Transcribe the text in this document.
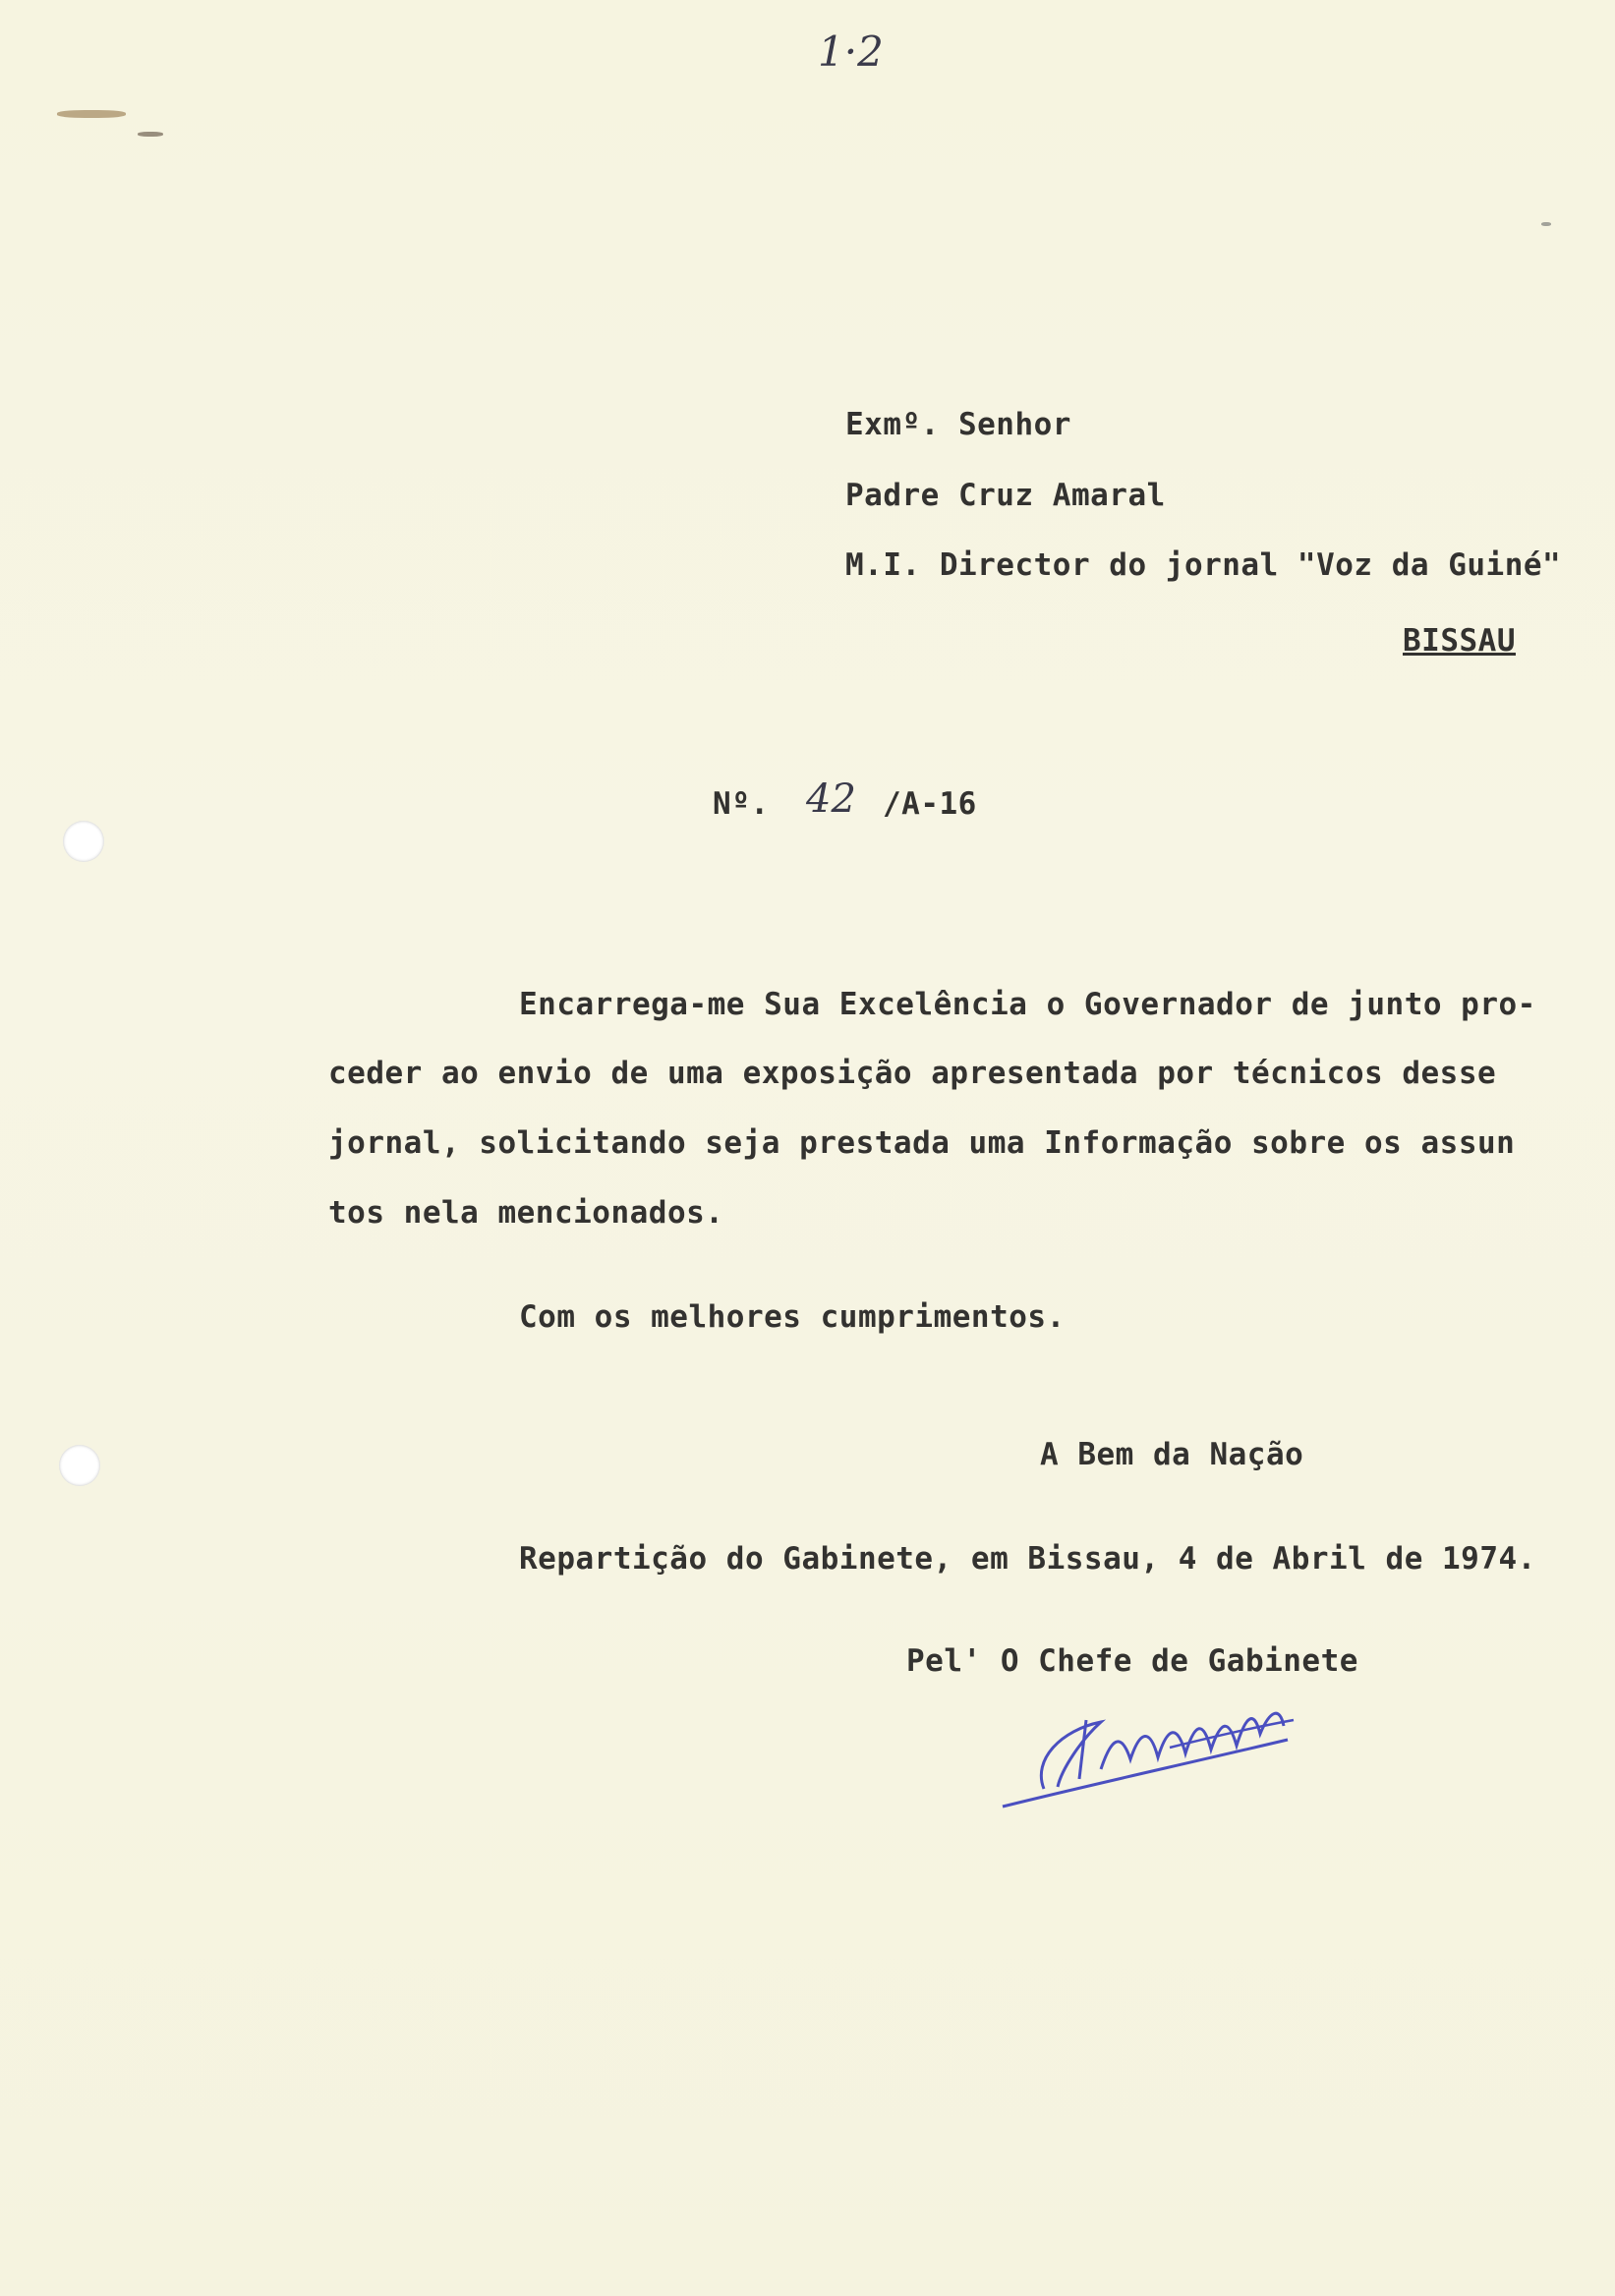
1·2
Exmº. Senhor
Padre Cruz Amaral
M.I. Director do jornal "Voz da Guiné"
BISSAU
Nº. 42 /A-16
Encarrega-me Sua Excelência o Governador de junto pro-
ceder ao envio de uma exposição apresentada por técnicos desse
jornal, solicitando seja prestada uma Informação sobre os assun
tos nela mencionados.
Com os melhores cumprimentos.
A Bem da Nação
Repartição do Gabinete, em Bissau, 4 de Abril de 1974.
Pel' O Chefe de Gabinete
